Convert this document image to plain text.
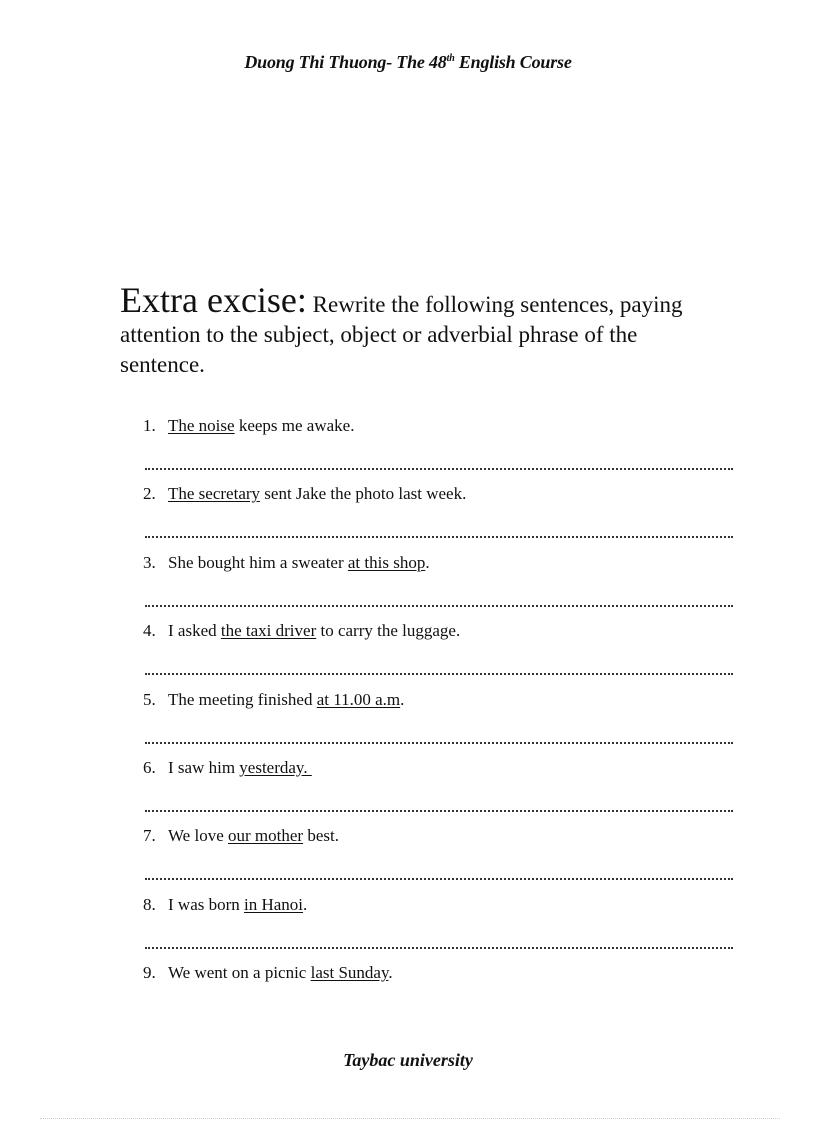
Duong Thi Thuong- The 48th English Course

Extra excise: Rewrite the following sentences, paying attention to the subject, object or adverbial phrase of the sentence.

1. The noise keeps me awake.
2. The secretary sent Jake the photo last week.
3. She bought him a sweater at this shop.
4. I asked the taxi driver to carry the luggage.
5. The meeting finished at 11.00 a.m.
6. I saw him yesterday.
7. We love our mother best.
8. I was born in Hanoi.
9. We went on a picnic last Sunday.
Taybac university
